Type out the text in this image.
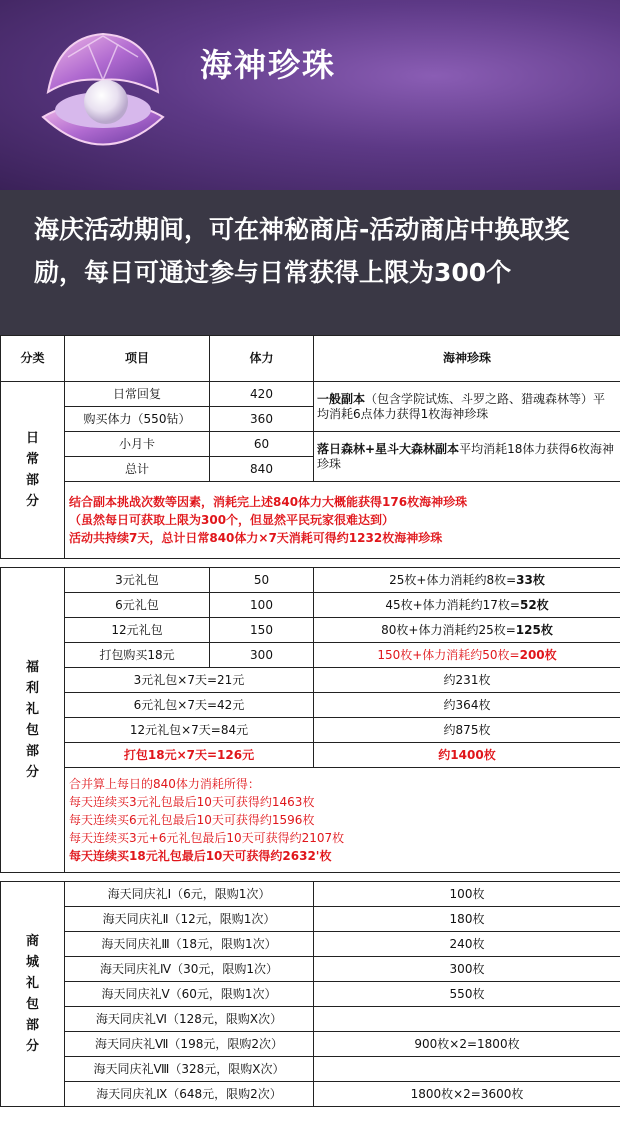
海神珍珠
海庆活动期间，可在神秘商店-活动商店中换取奖励，每日可通过参与日常获得上限为300个
分类	项目	体力	海神珍珠

日常部分	日常回复	420	一般副本（包含学院试炼、斗罗之路、猎魂森林等）平均消耗6点体力获得1枚海神珍珠
	购买体力（550钻）	360	
	小月卡	60	落日森林+星斗大森林副本平均消耗18体力获得6枚海神珍珠
	总计	840	

	结合副本挑战次数等因素，消耗完上述840体力大概能获得176枚海神珍珠
（虽然每日可获取上限为300个，但显然平民玩家很难达到）
活动共持续7天，总计日常840体力×7天消耗可得约1232枚海神珍珠		

福利礼包部分	3元礼包	50	25枚+体力消耗约8枚=33枚
	6元礼包	100	45枚+体力消耗约17枚=52枚
	12元礼包	150	80枚+体力消耗约25枚=125枚
	打包购买18元	300	150枚+体力消耗约50枚=200枚
	3元礼包×7天=21元		约231枚
	6元礼包×7天=42元		约364枚
	12元礼包×7天=84元		约875枚
	打包18元×7天=126元		约1400枚

	合并算上每日的840体力消耗所得：
每天连续买3元礼包最后10天可获得约1463枚
每天连续买6元礼包最后10天可获得约1596枚
每天连续买3元+6元礼包最后10天可获得约2107枚
每天连续买18元礼包最后10天可获得约2632'枚		

商城礼包部分	海天同庆礼Ⅰ（6元，限购1次）		100枚
	海天同庆礼Ⅱ（12元，限购1次）		180枚
	海天同庆礼Ⅲ（18元，限购1次）		240枚
	海天同庆礼Ⅳ（30元，限购1次）		300枚
	海天同庆礼Ⅴ（60元，限购1次）		550枚
	海天同庆礼Ⅵ（128元，限购X次）		
	海天同庆礼Ⅶ（198元，限购2次）		900枚×2=1800枚
	海天同庆礼Ⅷ（328元，限购X次）		
	海天同庆礼Ⅸ（648元，限购2次）		1800枚×2=3600枚
